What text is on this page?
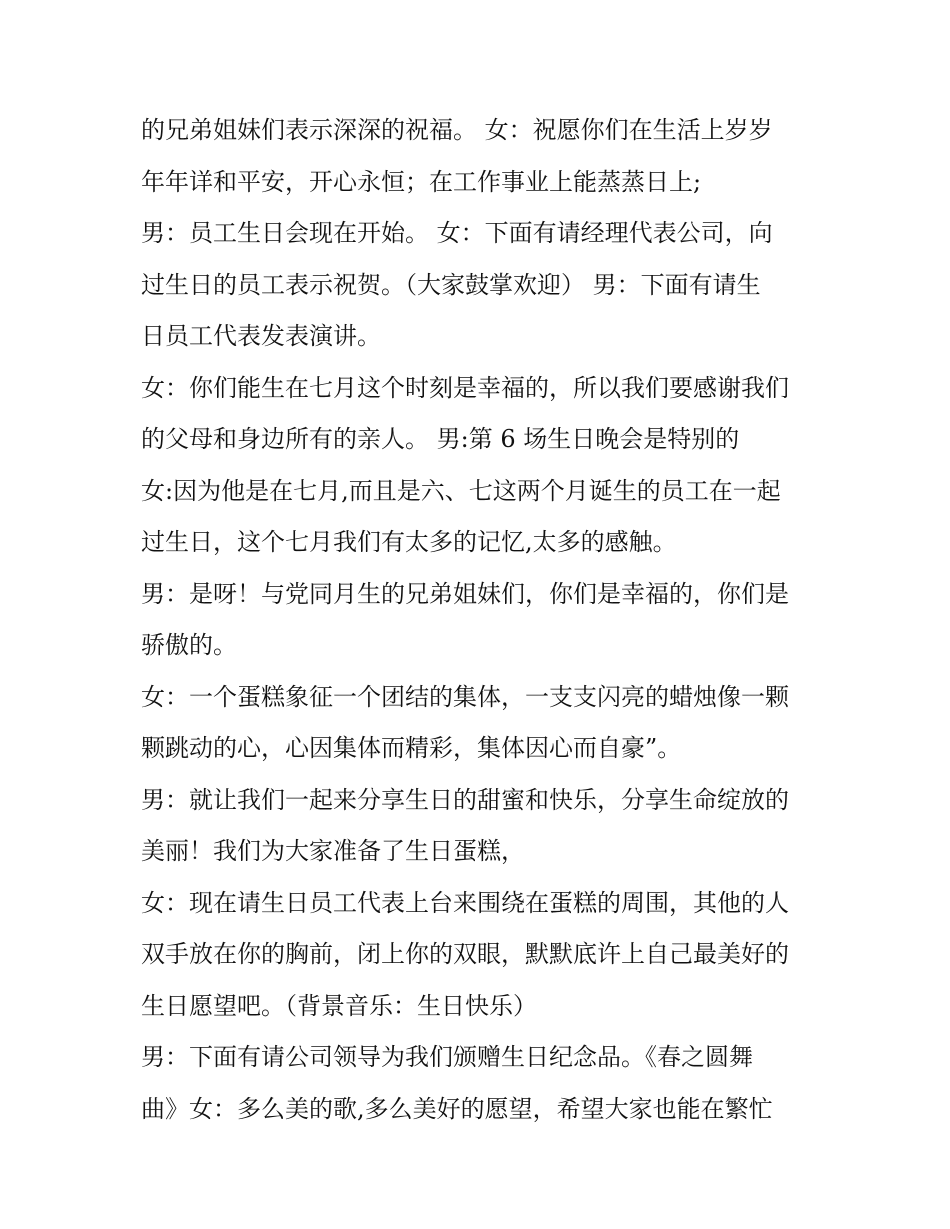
的兄弟姐妹们表示深深的祝福。 女：祝愿你们在生活上岁岁
年年详和平安，开心永恒；在工作事业上能蒸蒸日上;
男：员工生日会现在开始。 女：下面有请经理代表公司，向
过生日的员工表示祝贺。（大家鼓掌欢迎） 男：下面有请生
日员工代表发表演讲。
女：你们能生在七月这个时刻是幸福的，所以我们要感谢我们
的父母和身边所有的亲人。 男:第 6 场生日晚会是特别的
女:因为他是在七月,而且是六、七这两个月诞生的员工在一起
过生日，这个七月我们有太多的记忆,太多的感触。
男：是呀！与党同月生的兄弟姐妹们，你们是幸福的，你们是
骄傲的。
女：一个蛋糕象征一个团结的集体，一支支闪亮的蜡烛像一颗
颗跳动的心，心因集体而精彩，集体因心而自豪”。
男：就让我们一起来分享生日的甜蜜和快乐，分享生命绽放的
美丽！我们为大家准备了生日蛋糕，
女：现在请生日员工代表上台来围绕在蛋糕的周围，其他的人
双手放在你的胸前，闭上你的双眼，默默底许上自己最美好的
生日愿望吧。（背景音乐：生日快乐）
男：下面有请公司领导为我们颁赠生日纪念品。《春之圆舞
曲》女：多么美的歌,多么美好的愿望，希望大家也能在繁忙
